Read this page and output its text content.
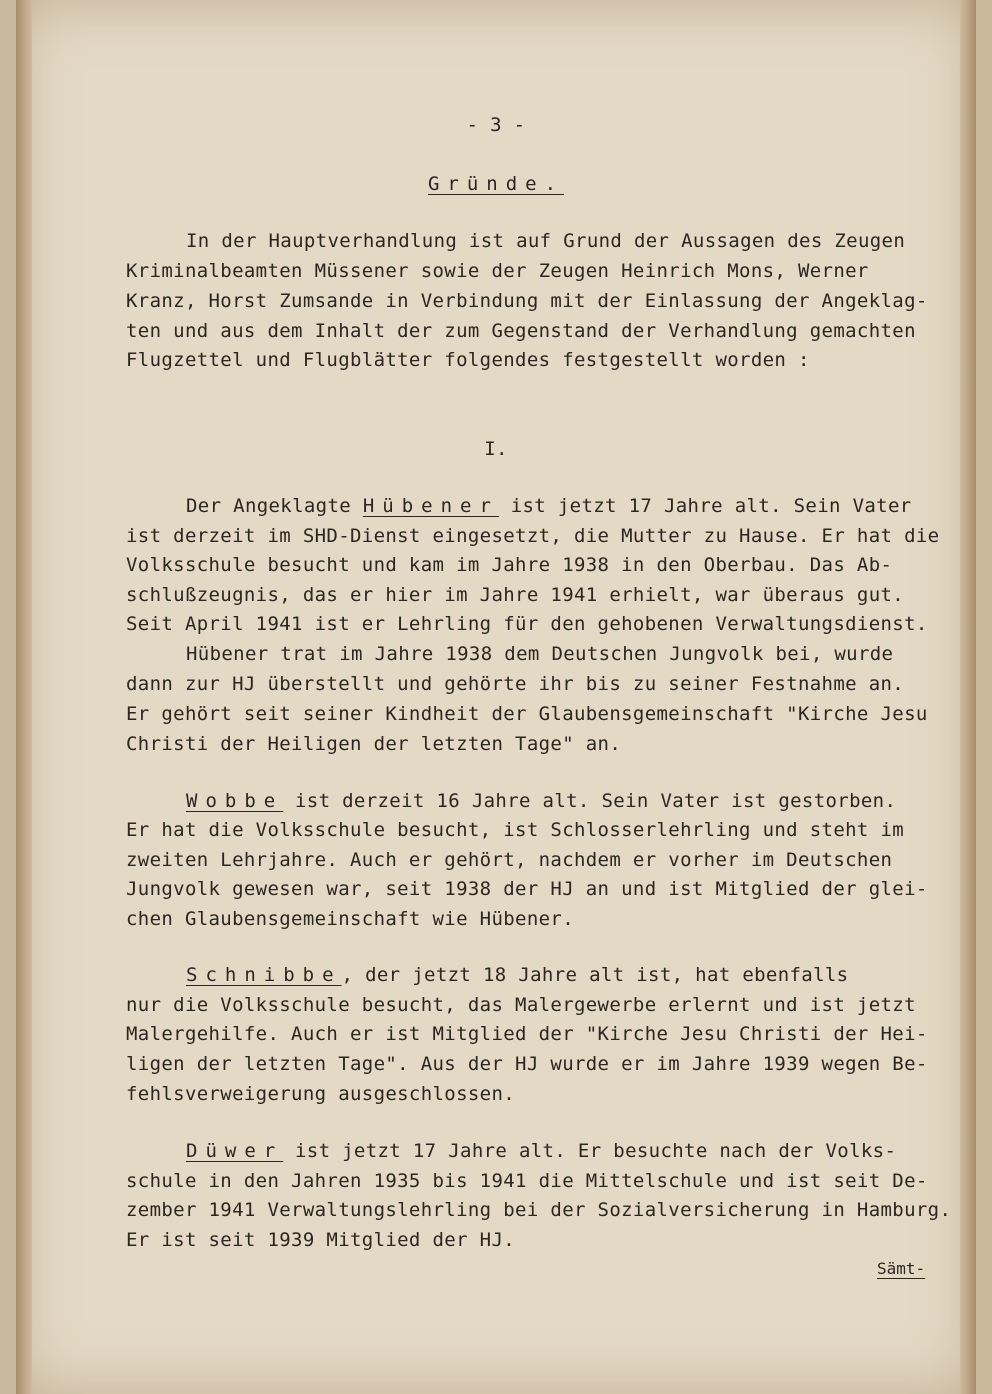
- 3 -
Gründe.
In der Hauptverhandlung ist auf Grund der Aussagen des Zeugen
Kriminalbeamten Müssener sowie der Zeugen Heinrich Mons, Werner
Kranz, Horst Zumsande in Verbindung mit der Einlassung der Angeklag-
ten und aus dem Inhalt der zum Gegenstand der Verhandlung gemachten
Flugzettel und Flugblätter folgendes festgestellt worden :
I.
Der Angeklagte Hübener ist jetzt 17 Jahre alt. Sein Vater
ist derzeit im SHD-Dienst eingesetzt, die Mutter zu Hause. Er hat die
Volksschule besucht und kam im Jahre 1938 in den Oberbau. Das Ab-
schlußzeugnis, das er hier im Jahre 1941 erhielt, war überaus gut.
Seit April 1941 ist er Lehrling für den gehobenen Verwaltungsdienst.
Hübener trat im Jahre 1938 dem Deutschen Jungvolk bei, wurde
dann zur HJ überstellt und gehörte ihr bis zu seiner Festnahme an.
Er gehört seit seiner Kindheit der Glaubensgemeinschaft "Kirche Jesu
Christi der Heiligen der letzten Tage" an.
Wobbe ist derzeit 16 Jahre alt. Sein Vater ist gestorben.
Er hat die Volksschule besucht, ist Schlosserlehrling und steht im
zweiten Lehrjahre. Auch er gehört, nachdem er vorher im Deutschen
Jungvolk gewesen war, seit 1938 der HJ an und ist Mitglied der glei-
chen Glaubensgemeinschaft wie Hübener.
Schnibbe, der jetzt 18 Jahre alt ist, hat ebenfalls
nur die Volksschule besucht, das Malergewerbe erlernt und ist jetzt
Malergehilfe. Auch er ist Mitglied der "Kirche Jesu Christi der Hei-
ligen der letzten Tage". Aus der HJ wurde er im Jahre 1939 wegen Be-
fehlsverweigerung ausgeschlossen.
Düwer ist jetzt 17 Jahre alt. Er besuchte nach der Volks-
schule in den Jahren 1935 bis 1941 die Mittelschule und ist seit De-
zember 1941 Verwaltungslehrling bei der Sozialversicherung in Hamburg.
Er ist seit 1939 Mitglied der HJ.
Sämt-
